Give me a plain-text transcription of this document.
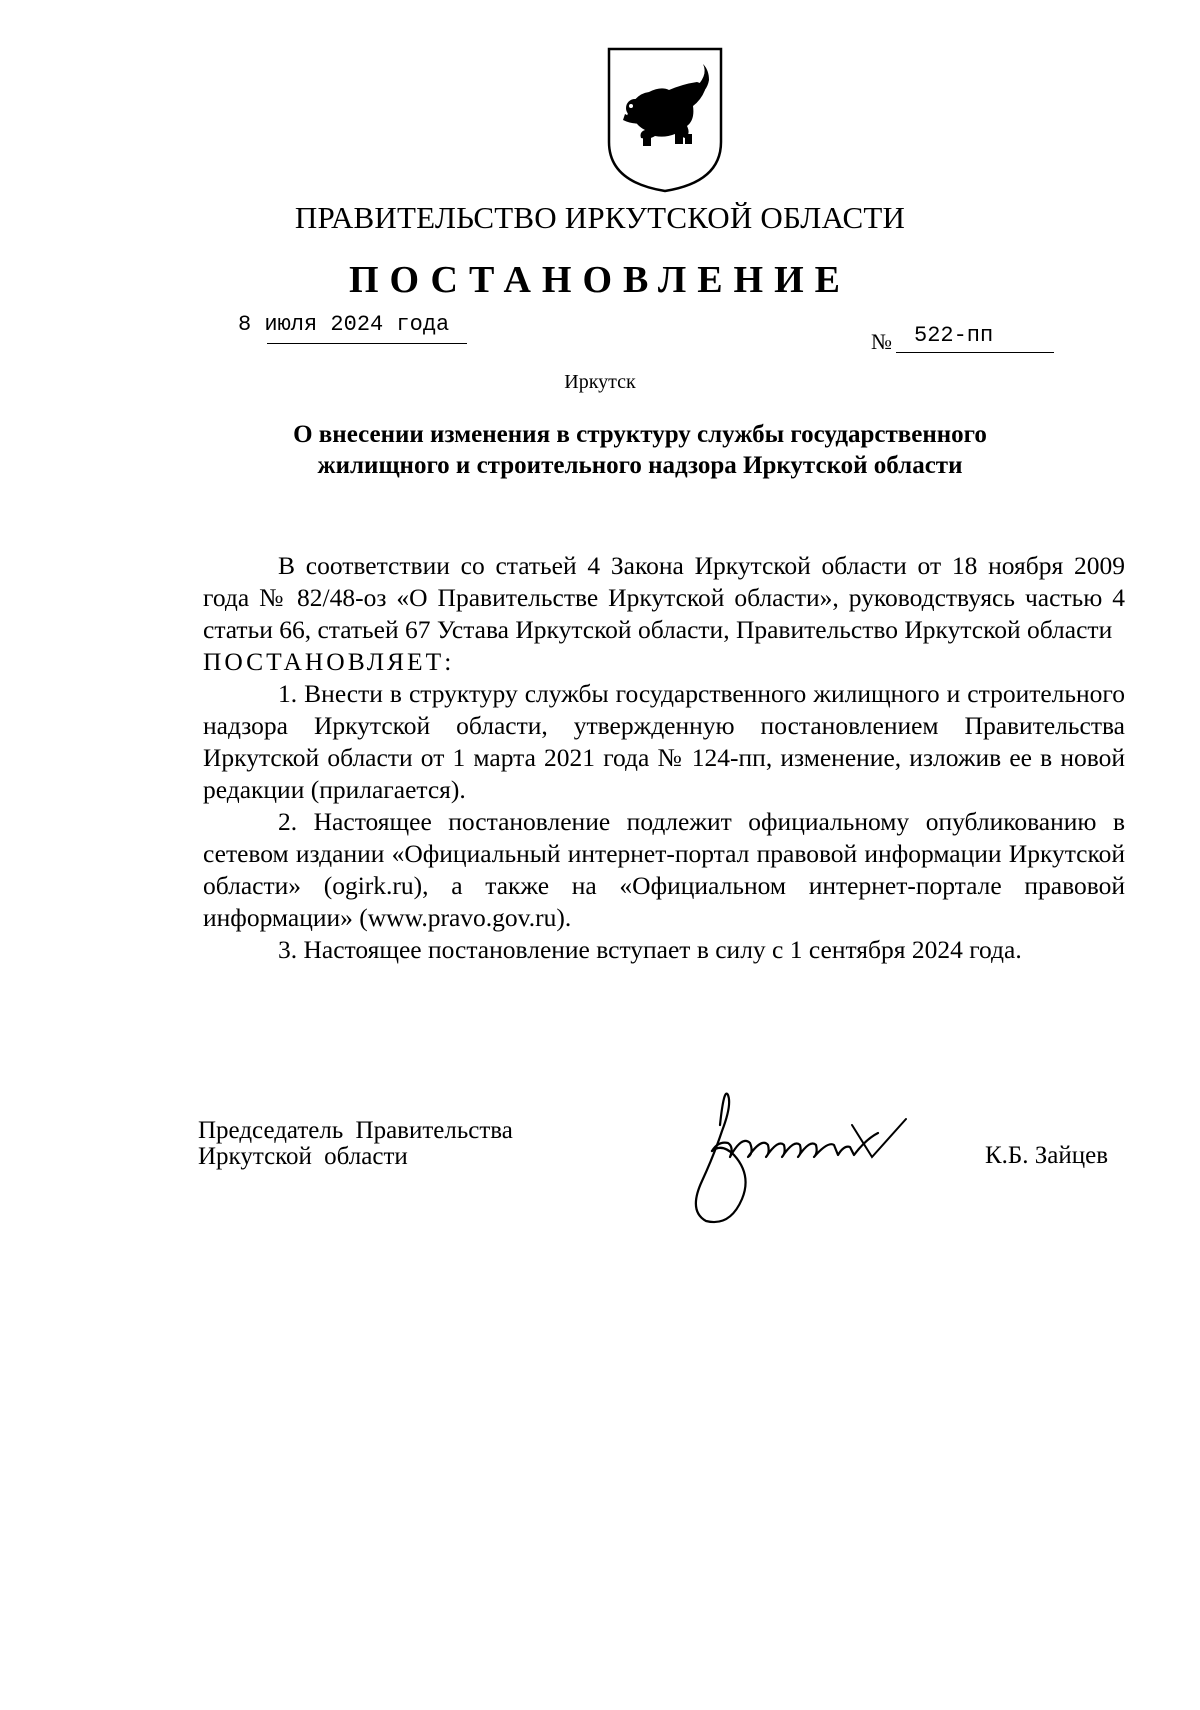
ПРАВИТЕЛЬСТВО ИРКУТСКОЙ ОБЛАСТИ
ПОСТАНОВЛЕНИЕ
8 июля 2024 года
№ 522-пп
Иркутск
О внесении изменения в структуру службы государственного
жилищного и строительного надзора Иркутской области

В соответствии со статьей 4 Закона Иркутской области от 18 ноября 2009 года № 82/48-оз «О Правительстве Иркутской области», руководствуясь частью 4 статьи 66, статьей 67 Устава Иркутской области, Правительство Иркутской области

ПОСТАНОВЛЯЕТ:

1. Внести в структуру службы государственного жилищного и строительного надзора Иркутской области, утвержденную постановлением Правительства Иркутской области от 1 марта 2021 года № 124-пп, изменение, изложив ее в новой редакции (прилагается).

2. Настоящее постановление подлежит официальному опубликованию в сетевом издании «Официальный интернет-портал правовой информации Иркутской области» (ogirk.ru), а также на «Официальном интернет-портале правовой информации» (www.pravo.gov.ru).

3. Настоящее постановление вступает в силу с 1 сентября 2024 года.

Председатель Правительства
Иркутской области	К.Б. Зайцев
